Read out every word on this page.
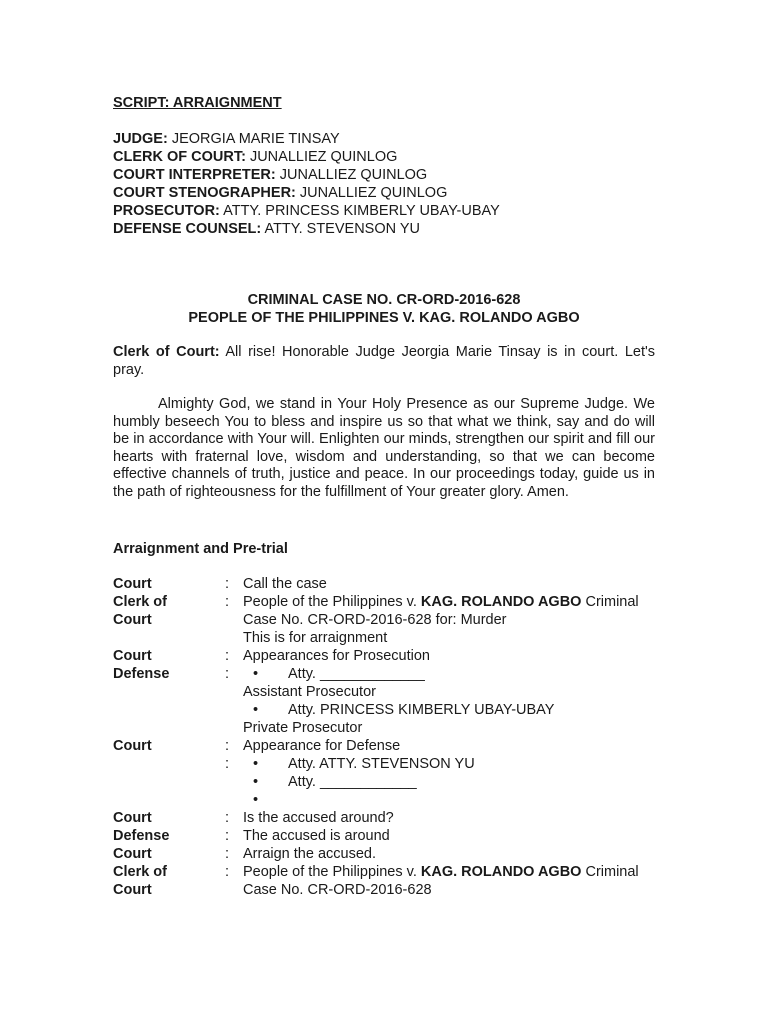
SCRIPT: ARRAIGNMENT
JUDGE: JEORGIA MARIE TINSAY
CLERK OF COURT: JUNALLIEZ QUINLOG
COURT INTERPRETER: JUNALLIEZ QUINLOG
COURT STENOGRAPHER: JUNALLIEZ QUINLOG
PROSECUTOR: ATTY. PRINCESS KIMBERLY UBAY-UBAY
DEFENSE COUNSEL: ATTY. STEVENSON YU
CRIMINAL CASE NO. CR-ORD-2016-628
PEOPLE OF THE PHILIPPINES V. KAG. ROLANDO AGBO
Clerk of Court: All rise! Honorable Judge Jeorgia Marie Tinsay is in court. Let's pray.
Almighty God, we stand in Your Holy Presence as our Supreme Judge. We humbly beseech You to bless and inspire us so that what we think, say and do will be in accordance with Your will. Enlighten our minds, strengthen our spirit and fill our hearts with fraternal love, wisdom and understanding, so that we can become effective channels of truth, justice and peace. In our proceedings today, guide us in the path of righteousness for the fulfillment of Your greater glory. Amen.
Arraignment and Pre-trial
Court	: Call the case
Clerk of	: People of the Philippines v. KAG. ROLANDO AGBO Criminal
Court	Case No. CR-ORD-2016-628 for: Murder
This is for arraignment
Court	: Appearances for Prosecution
Defense	:	•	Atty. _____________
Assistant Prosecutor
•	Atty. PRINCESS KIMBERLY UBAY-UBAY
Private Prosecutor
Court	: Appearance for Defense
:	•	Atty. ATTY. STEVENSON YU
•	Atty. ____________
•
Court	: Is the accused around?
Defense	: The accused is around
Court	: Arraign the accused.
Clerk of	: People of the Philippines v. KAG. ROLANDO AGBO Criminal
Court	Case No. CR-ORD-2016-628
